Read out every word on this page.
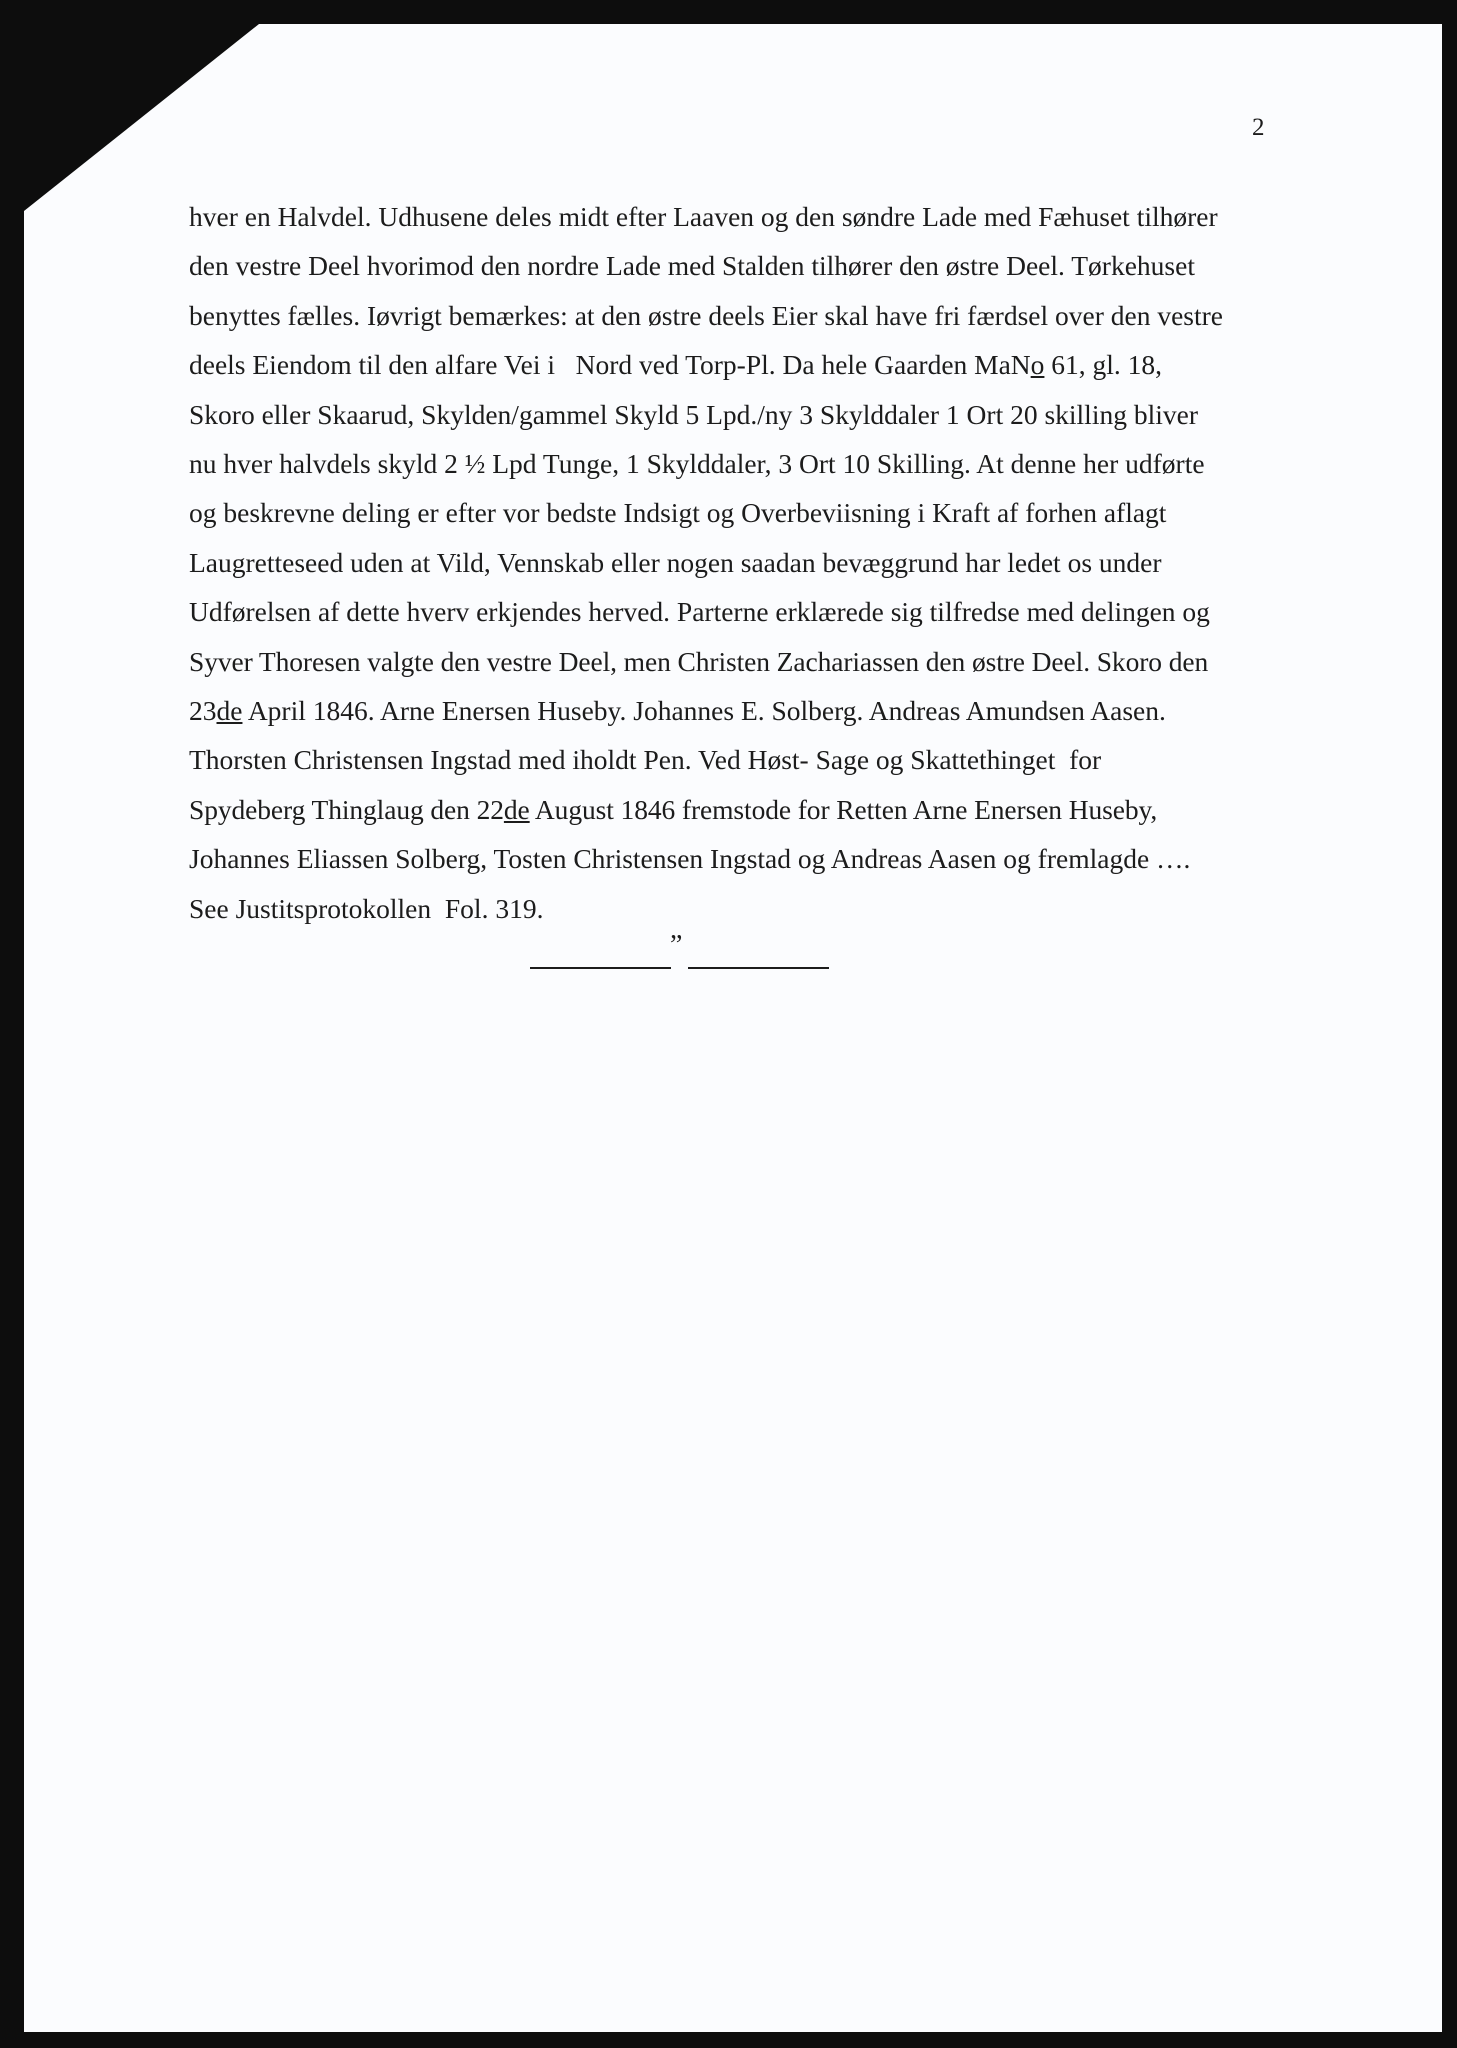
2
hver en Halvdel. Udhusene deles midt efter Laaven og den søndre Lade med Fæhuset tilhører
den vestre Deel hvorimod den nordre Lade med Stalden tilhører den østre Deel. Tørkehuset
benyttes fælles. Iøvrigt bemærkes: at den østre deels Eier skal have fri færdsel over den vestre
deels Eiendom til den alfare Vei i   Nord ved Torp-Pl. Da hele Gaarden MaNo 61, gl. 18,
Skoro eller Skaarud, Skylden/gammel Skyld 5 Lpd./ny 3 Skylddaler 1 Ort 20 skilling bliver
nu hver halvdels skyld 2 ½ Lpd Tunge, 1 Skylddaler, 3 Ort 10 Skilling. At denne her udførte
og beskrevne deling er efter vor bedste Indsigt og Overbeviisning i Kraft af forhen aflagt
Laugretteseed uden at Vild, Vennskab eller nogen saadan bevæggrund har ledet os under
Udførelsen af dette hverv erkjendes herved. Parterne erklærede sig tilfredse med delingen og
Syver Thoresen valgte den vestre Deel, men Christen Zachariassen den østre Deel. Skoro den
23de April 1846. Arne Enersen Huseby. Johannes E. Solberg. Andreas Amundsen Aasen.
Thorsten Christensen Ingstad med iholdt Pen. Ved Høst- Sage og Skattethinget  for
Spydeberg Thinglaug den 22de August 1846 fremstode for Retten Arne Enersen Huseby,
Johannes Eliassen Solberg, Tosten Christensen Ingstad og Andreas Aasen og fremlagde ….
See Justitsprotokollen  Fol. 319.
”
